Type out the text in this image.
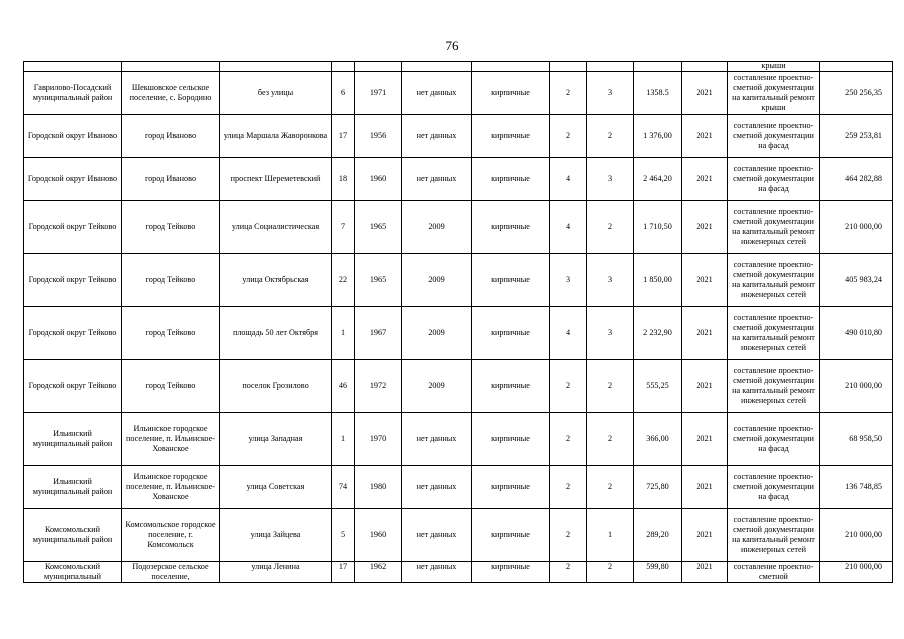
76
											крыши	
Гаврилово-Посадский муниципальный район	Шекшовское сельское поселение, с. Бородино	без улицы	6	1971	нет данных	кирпичные	2	3	1358.5	2021	составление проектно-сметной документации на капитальный ремонт крыши	250 256,35
Городской округ Иваново	город Иваново	улица Маршала Жаворонкова	17	1956	нет данных	кирпичные	2	2	1 376,00	2021	составление проектно-сметной документации на фасад	259 253,81
Городской округ Иваново	город Иваново	проспект Шереметевский	18	1960	нет данных	кирпичные	4	3	2 464,20	2021	составление проектно-сметной документации на фасад	464 282,88
Городской округ Тейково	город Тейково	улица Социалистическая	7	1965	2009	кирпичные	4	2	1 710,50	2021	составление проектно-сметной документации на капитальный ремонт инженерных сетей	210 000,00
Городской округ Тейково	город Тейково	улица Октябрьская	22	1965	2009	кирпичные	3	3	1 850,00	2021	составление проектно-сметной документации на капитальный ремонт инженерных сетей	405 983,24
Городской округ Тейково	город Тейково	площадь 50 лет Октября	1	1967	2009	кирпичные	4	3	2 232,90	2021	составление проектно-сметной документации на капитальный ремонт инженерных сетей	490 010,80
Городской округ Тейково	город Тейково	поселок Грозилово	46	1972	2009	кирпичные	2	2	555,25	2021	составление проектно-сметной документации на капитальный ремонт инженерных сетей	210 000,00
Ильинский муниципальный район	Ильинское городское поселение, п. Ильинское-Хованское	улица Западная	1	1970	нет данных	кирпичные	2	2	366,00	2021	составление проектно-сметной документации на фасад	68 958,50
Ильинский муниципальный район	Ильинское городское поселение, п. Ильинское-Хованское	улица Советская	74	1980	нет данных	кирпичные	2	2	725,80	2021	составление проектно-сметной документации на фасад	136 748,85
Комсомольский муниципальный район	Комсомольское городское поселение, г. Комсомольск	улица Зайцева	5	1960	нет данных	кирпичные	2	1	289,20	2021	составление проектно-сметной документации на капитальный ремонт инженерных сетей	210 000,00
Комсомольский муниципальный	Подозерское сельское поселение,	улица Ленина	17	1962	нет данных	кирпичные	2	2	599,80	2021	составление проектно-сметной	210 000,00
